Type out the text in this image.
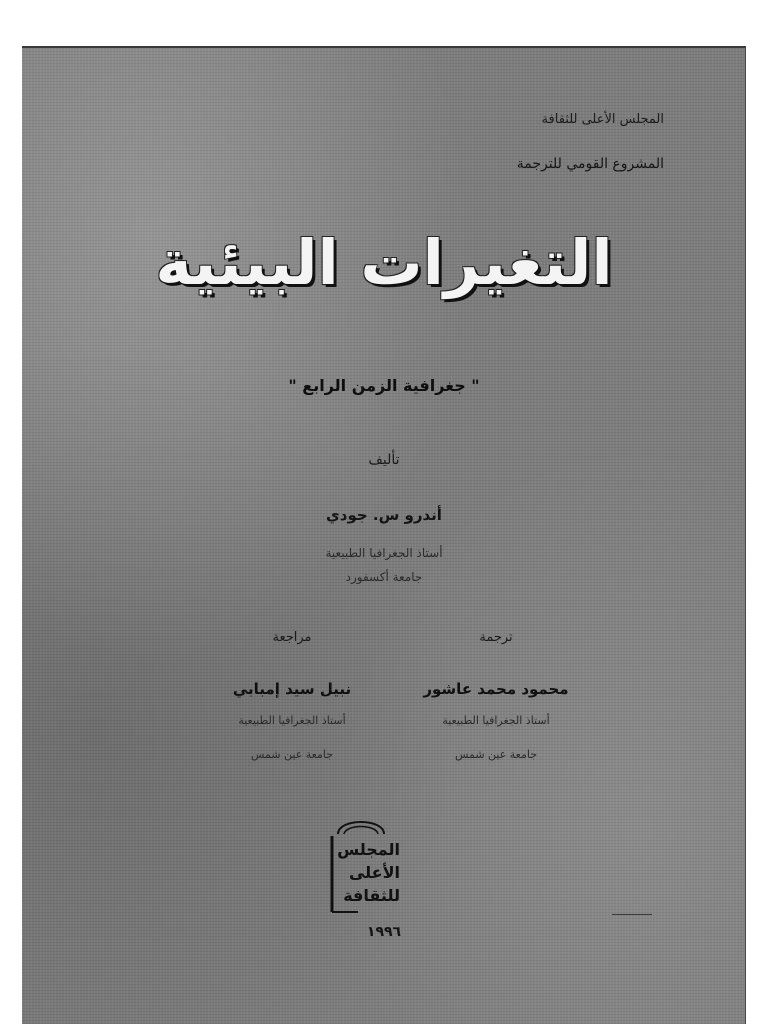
المجلس الأعلى للثقافة
المشروع القومي للترجمة
التغيرات البيئية
" جغرافية الزمن الرابع "
تأليف
أندرو س. جودي
أستاذ الجغرافيا الطبيعية
جامعة أكسفورد
ترجمة
محمود محمد عاشور
أستاذ الجغرافيا الطبيعية
جامعة عين شمس
مراجعة
نبيل سيد إمبابي
أستاذ الجغرافيا الطبيعية
جامعة عين شمس
المجلس
الأعلى
للثقافة
١٩٩٦
